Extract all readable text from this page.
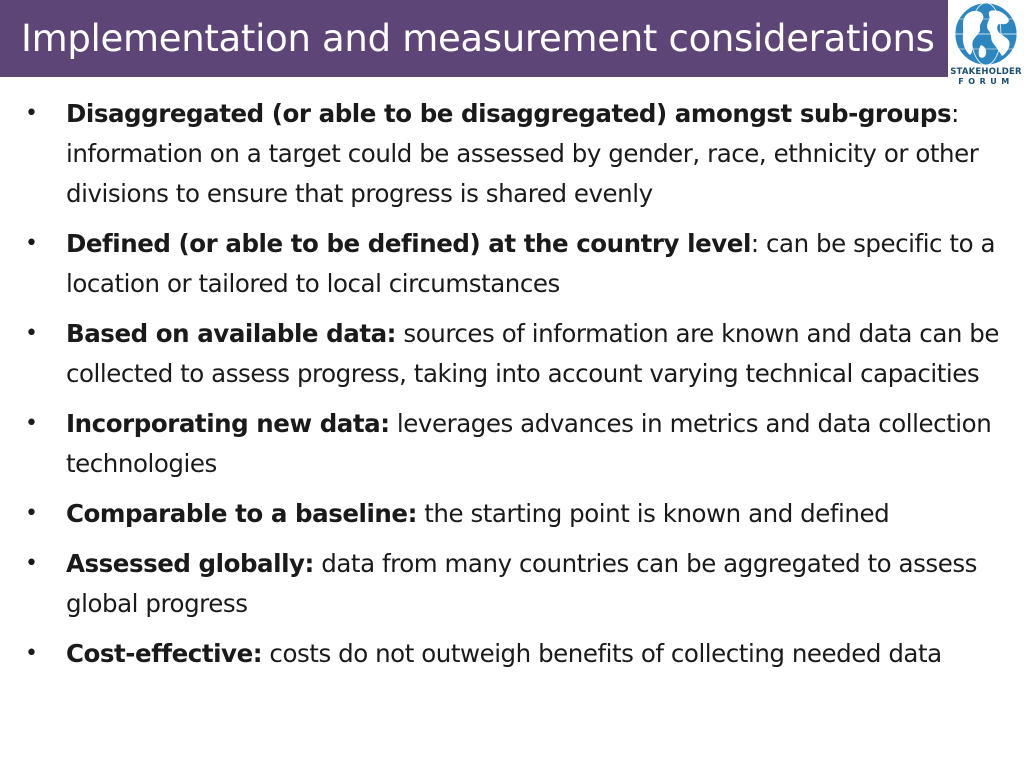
Implementation and measurement considerations
STAKEHOLDER
FORUM
• Disaggregated (or able to be disaggregated) amongst sub-groups: information on a target could be assessed by gender, race, ethnicity or other divisions to ensure that progress is shared evenly
• Defined (or able to be defined) at the country level: can be specific to a location or tailored to local circumstances
• Based on available data: sources of information are known and data can be collected to assess progress, taking into account varying technical capacities
• Incorporating new data: leverages advances in metrics and data collection technologies
• Comparable to a baseline: the starting point is known and defined
• Assessed globally: data from many countries can be aggregated to assess global progress
• Cost-effective: costs do not outweigh benefits of collecting needed data
